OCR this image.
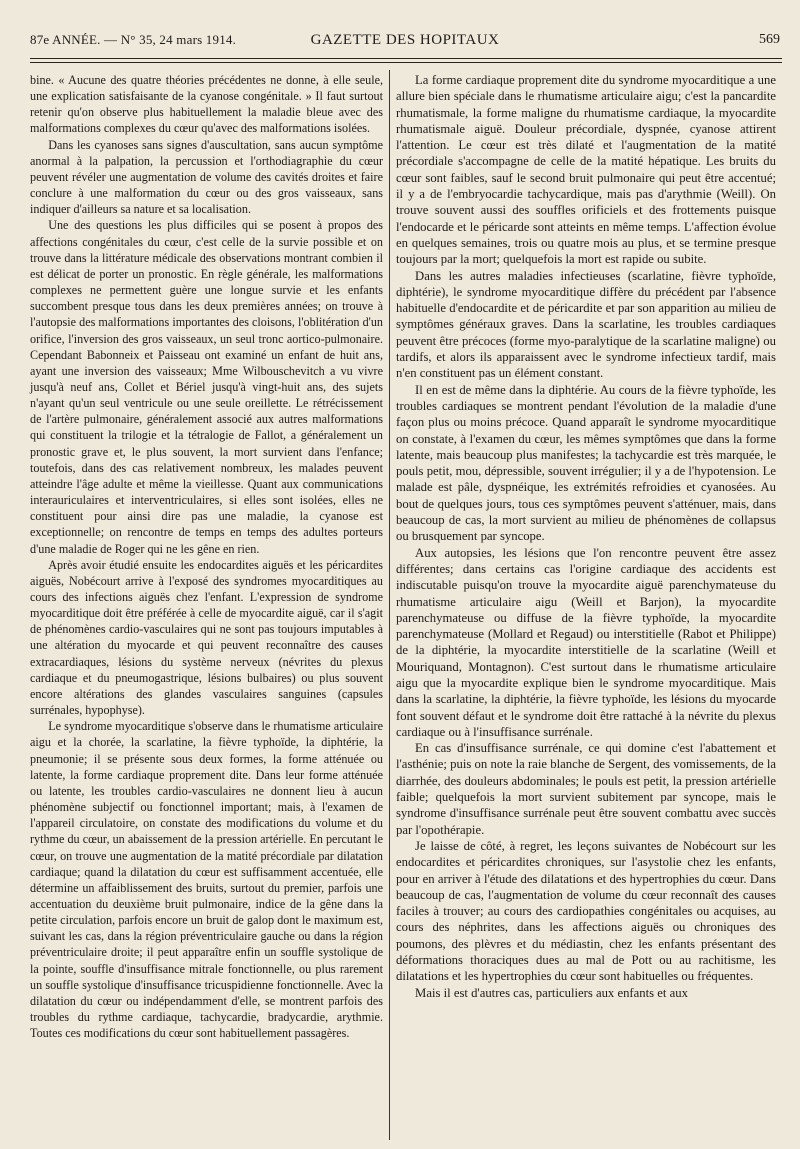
87e ANNÉE. — N° 35, 24 mars 1914.	GAZETTE DES HOPITAUX	569

bine. « Aucune des quatre théories précédentes ne donne, à elle seule, une explication satisfaisante de la cyanose congénitale. » Il faut surtout retenir qu'on observe plus habituellement la maladie bleue avec des malformations complexes du cœur qu'avec des malformations isolées.

Dans les cyanoses sans signes d'auscultation, sans aucun symptôme anormal à la palpation, la percussion et l'orthodiagraphie du cœur peuvent révéler une augmentation de volume des cavités droites et faire conclure à une malformation du cœur ou des gros vaisseaux, sans indiquer d'ailleurs sa nature et sa localisation.

Une des questions les plus difficiles qui se posent à propos des affections congénitales du cœur, c'est celle de la survie possible et on trouve dans la littérature médicale des observations montrant combien il est délicat de porter un pronostic. En règle générale, les malformations complexes ne permettent guère une longue survie et les enfants succombent presque tous dans les deux premières années; on trouve à l'autopsie des malformations importantes des cloisons, l'oblitération d'un orifice, l'inversion des gros vaisseaux, un seul tronc aortico-pulmonaire. Cependant Babonneix et Paisseau ont examiné un enfant de huit ans, ayant une inversion des vaisseaux; Mme Wilbouschevitch a vu vivre jusqu'à neuf ans, Collet et Bériel jusqu'à vingt-huit ans, des sujets n'ayant qu'un seul ventricule ou une seule oreillette. Le rétrécissement de l'artère pulmonaire, généralement associé aux autres malformations qui constituent la trilogie et la tétralogie de Fallot, a généralement un pronostic grave et, le plus souvent, la mort survient dans l'enfance; toutefois, dans des cas relativement nombreux, les malades peuvent atteindre l'âge adulte et même la vieillesse. Quant aux communications interauriculaires et interventriculaires, si elles sont isolées, elles ne constituent pour ainsi dire pas une maladie, la cyanose est exceptionnelle; on rencontre de temps en temps des adultes porteurs d'une maladie de Roger qui ne les gêne en rien.

Après avoir étudié ensuite les endocardites aiguës et les péricardites aiguës, Nobécourt arrive à l'exposé des syndromes myocarditiques au cours des infections aiguës chez l'enfant. L'expression de syndrome myocarditique doit être préférée à celle de myocardite aiguë, car il s'agit de phénomènes cardio-vasculaires qui ne sont pas toujours imputables à une altération du myocarde et qui peuvent reconnaître des causes extracardiaques, lésions du système nerveux (névrites du plexus cardiaque et du pneumogastrique, lésions bulbaires) ou plus souvent encore altérations des glandes vasculaires sanguines (capsules surrénales, hypophyse).

Le syndrome myocarditique s'observe dans le rhumatisme articulaire aigu et la chorée, la scarlatine, la fièvre typhoïde, la diphtérie, la pneumonie; il se présente sous deux formes, la forme atténuée ou latente, la forme cardiaque proprement dite. Dans leur forme atténuée ou latente, les troubles cardio-vasculaires ne donnent lieu à aucun phénomène subjectif ou fonctionnel important; mais, à l'examen de l'appareil circulatoire, on constate des modifications du volume et du rythme du cœur, un abaissement de la pression artérielle. En percutant le cœur, on trouve une augmentation de la matité précordiale par dilatation cardiaque; quand la dilatation du cœur est suffisamment accentuée, elle détermine un affaiblissement des bruits, surtout du premier, parfois une accentuation du deuxième bruit pulmonaire, indice de la gêne dans la petite circulation, parfois encore un bruit de galop dont le maximum est, suivant les cas, dans la région préventriculaire gauche ou dans la région préventriculaire droite; il peut apparaître enfin un souffle systolique de la pointe, souffle d'insuffisance mitrale fonctionnelle, ou plus rarement un souffle systolique d'insuffisance tricuspidienne fonctionnelle. Avec la dilatation du cœur ou indépendamment d'elle, se montrent parfois des troubles du rythme cardiaque, tachycardie, bradycardie, arythmie. Toutes ces modifications du cœur sont habituellement passagères.

La forme cardiaque proprement dite du syndrome myocarditique a une allure bien spéciale dans le rhumatisme articulaire aigu; c'est la pancardite rhumatismale, la forme maligne du rhumatisme cardiaque, la myocardite rhumatismale aiguë. Douleur précordiale, dyspnée, cyanose attirent l'attention. Le cœur est très dilaté et l'augmentation de la matité précordiale s'accompagne de celle de la matité hépatique. Les bruits du cœur sont faibles, sauf le second bruit pulmonaire qui peut être accentué; il y a de l'embryocardie tachycardique, mais pas d'arythmie (Weill). On trouve souvent aussi des souffles orificiels et des frottements puisque l'endocarde et le péricarde sont atteints en même temps. L'affection évolue en quelques semaines, trois ou quatre mois au plus, et se termine presque toujours par la mort; quelquefois la mort est rapide ou subite.

Dans les autres maladies infectieuses (scarlatine, fièvre typhoïde, diphtérie), le syndrome myocarditique diffère du précédent par l'absence habituelle d'endocardite et de péricardite et par son apparition au milieu de symptômes généraux graves. Dans la scarlatine, les troubles cardiaques peuvent être précoces (forme myo-paralytique de la scarlatine maligne) ou tardifs, et alors ils apparaissent avec le syndrome infectieux tardif, mais n'en constituent pas un élément constant.

Il en est de même dans la diphtérie. Au cours de la fièvre typhoïde, les troubles cardiaques se montrent pendant l'évolution de la maladie d'une façon plus ou moins précoce. Quand apparaît le syndrome myocarditique on constate, à l'examen du cœur, les mêmes symptômes que dans la forme latente, mais beaucoup plus manifestes; la tachycardie est très marquée, le pouls petit, mou, dépressible, souvent irrégulier; il y a de l'hypotension. Le malade est pâle, dyspnéique, les extrémités refroidies et cyanosées. Au bout de quelques jours, tous ces symptômes peuvent s'atténuer, mais, dans beaucoup de cas, la mort survient au milieu de phénomènes de collapsus ou brusquement par syncope.

Aux autopsies, les lésions que l'on rencontre peuvent être assez différentes; dans certains cas l'origine cardiaque des accidents est indiscutable puisqu'on trouve la myocardite aiguë parenchymateuse du rhumatisme articulaire aigu (Weill et Barjon), la myocardite parenchymateuse ou diffuse de la fièvre typhoïde, la myocardite parenchymateuse (Mollard et Regaud) ou interstitielle (Rabot et Philippe) de la diphtérie, la myocardite interstitielle de la scarlatine (Weill et Mouriquand, Montagnon). C'est surtout dans le rhumatisme articulaire aigu que la myocardite explique bien le syndrome myocarditique. Mais dans la scarlatine, la diphtérie, la fièvre typhoïde, les lésions du myocarde font souvent défaut et le syndrome doit être rattaché à la névrite du plexus cardiaque ou à l'insuffisance surrénale.

En cas d'insuffisance surrénale, ce qui domine c'est l'abattement et l'asthénie; puis on note la raie blanche de Sergent, des vomissements, de la diarrhée, des douleurs abdominales; le pouls est petit, la pression artérielle faible; quelquefois la mort survient subitement par syncope, mais le syndrome d'insuffisance surrénale peut être souvent combattu avec succès par l'opothérapie.

Je laisse de côté, à regret, les leçons suivantes de Nobécourt sur les endocardites et péricardites chroniques, sur l'asystolie chez les enfants, pour en arriver à l'étude des dilatations et des hypertrophies du cœur. Dans beaucoup de cas, l'augmentation de volume du cœur reconnaît des causes faciles à trouver; au cours des cardiopathies congénitales ou acquises, au cours des néphrites, dans les affections aiguës ou chroniques des poumons, des plèvres et du médiastin, chez les enfants présentant des déformations thoraciques dues au mal de Pott ou au rachitisme, les dilatations et les hypertrophies du cœur sont habituelles ou fréquentes.

Mais il est d'autres cas, particuliers aux enfants et aux
